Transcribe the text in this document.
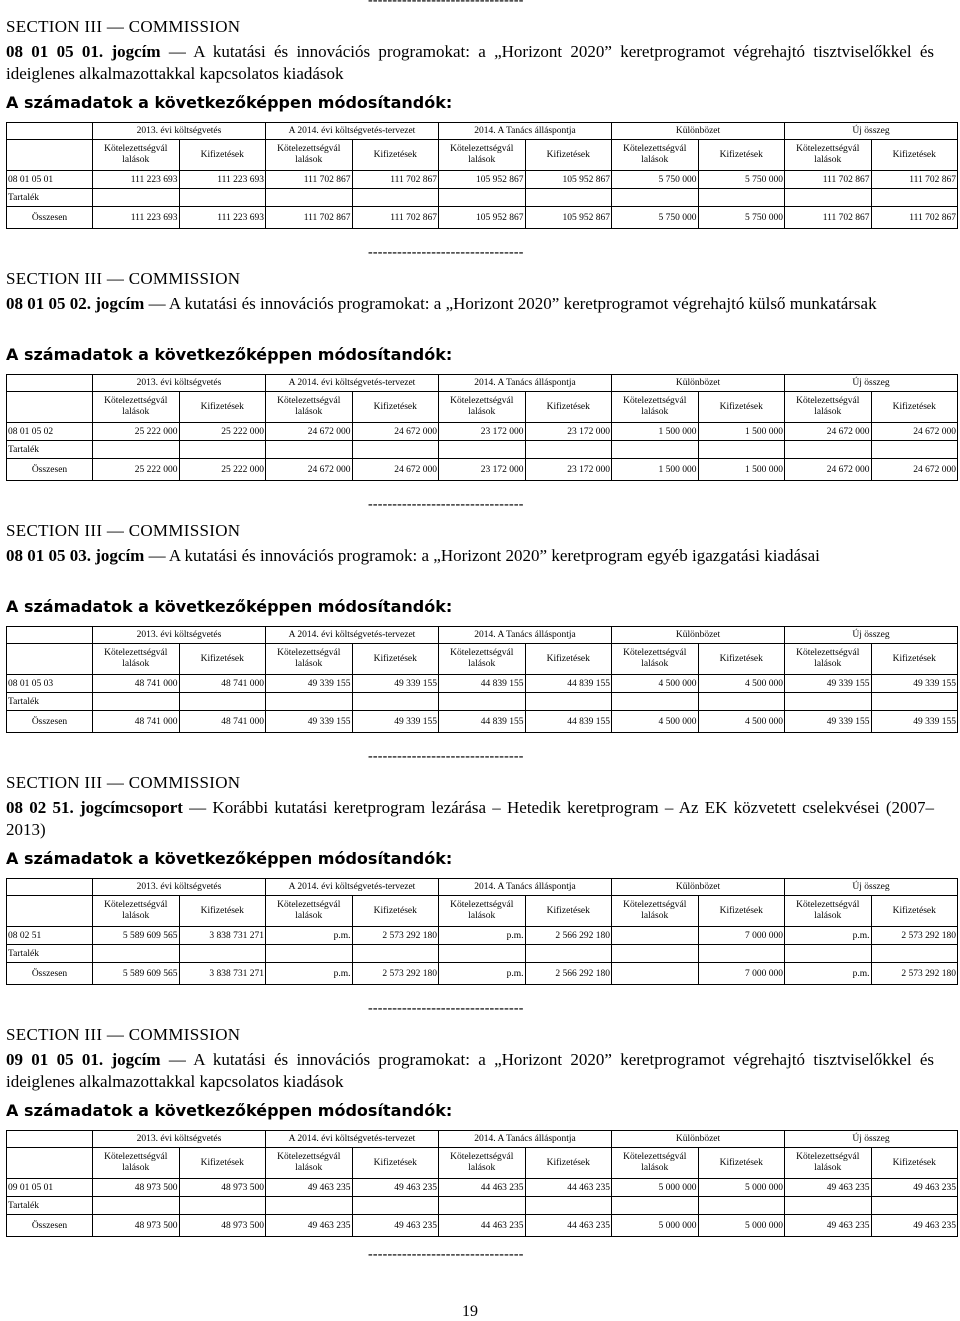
--------------------------------
SECTION III — COMMISSION
08 01 05 01. jogcím — A kutatási és innovációs programokat: a „Horizont 2020” keretprogramot végrehajtó tisztviselőkkel és ideiglenes alkalmazottakkal kapcsolatos kiadások
A számadatok a következőképpen módosítandók:
	2013. évi költségvetés		A 2014. évi költségvetés-tervezet		2014. A Tanács álláspontja		Különbözet		Új összeg	
	Kötelezettségvál lalások	Kifizetések	Kötelezettségvál lalások	Kifizetések	Kötelezettségvál lalások	Kifizetések	Kötelezettségvál lalások	Kifizetések	Kötelezettségvál lalások	Kifizetések
08 01 05 01	111 223 693	111 223 693	111 702 867	111 702 867	105 952 867	105 952 867	5 750 000	5 750 000	111 702 867	111 702 867
Tartalék										
Összesen	111 223 693	111 223 693	111 702 867	111 702 867	105 952 867	105 952 867	5 750 000	5 750 000	111 702 867	111 702 867
--------------------------------
SECTION III — COMMISSION
08 01 05 02. jogcím — A kutatási és innovációs programokat: a „Horizont 2020” keretprogramot végrehajtó külső munkatársak
A számadatok a következőképpen módosítandók:
	2013. évi költségvetés		A 2014. évi költségvetés-tervezet		2014. A Tanács álláspontja		Különbözet		Új összeg	
	Kötelezettségvál lalások	Kifizetések	Kötelezettségvál lalások	Kifizetések	Kötelezettségvál lalások	Kifizetések	Kötelezettségvál lalások	Kifizetések	Kötelezettségvál lalások	Kifizetések
08 01 05 02	25 222 000	25 222 000	24 672 000	24 672 000	23 172 000	23 172 000	1 500 000	1 500 000	24 672 000	24 672 000
Tartalék										
Összesen	25 222 000	25 222 000	24 672 000	24 672 000	23 172 000	23 172 000	1 500 000	1 500 000	24 672 000	24 672 000
--------------------------------
SECTION III — COMMISSION
08 01 05 03. jogcím — A kutatási és innovációs programok: a „Horizont 2020” keretprogram egyéb igazgatási kiadásai
A számadatok a következőképpen módosítandók:
	2013. évi költségvetés		A 2014. évi költségvetés-tervezet		2014. A Tanács álláspontja		Különbözet		Új összeg	
	Kötelezettségvál lalások	Kifizetések	Kötelezettségvál lalások	Kifizetések	Kötelezettségvál lalások	Kifizetések	Kötelezettségvál lalások	Kifizetések	Kötelezettségvál lalások	Kifizetések
08 01 05 03	48 741 000	48 741 000	49 339 155	49 339 155	44 839 155	44 839 155	4 500 000	4 500 000	49 339 155	49 339 155
Tartalék										
Összesen	48 741 000	48 741 000	49 339 155	49 339 155	44 839 155	44 839 155	4 500 000	4 500 000	49 339 155	49 339 155
--------------------------------
SECTION III — COMMISSION
08 02 51. jogcímcsoport — Korábbi kutatási keretprogram lezárása – Hetedik keretprogram – Az EK közvetett cselekvései (2007–2013)
A számadatok a következőképpen módosítandók:
	2013. évi költségvetés		A 2014. évi költségvetés-tervezet		2014. A Tanács álláspontja		Különbözet		Új összeg	
	Kötelezettségvál lalások	Kifizetések	Kötelezettségvál lalások	Kifizetések	Kötelezettségvál lalások	Kifizetések	Kötelezettségvál lalások	Kifizetések	Kötelezettségvál lalások	Kifizetések
08 02 51	5 589 609 565	3 838 731 271	p.m.	2 573 292 180	p.m.	2 566 292 180		7 000 000	p.m.	2 573 292 180
Tartalék										
Összesen	5 589 609 565	3 838 731 271	p.m.	2 573 292 180	p.m.	2 566 292 180		7 000 000	p.m.	2 573 292 180
--------------------------------
SECTION III — COMMISSION
09 01 05 01. jogcím — A kutatási és innovációs programokat: a „Horizont 2020” keretprogramot végrehajtó tisztviselőkkel és ideiglenes alkalmazottakkal kapcsolatos kiadások
A számadatok a következőképpen módosítandók:
	2013. évi költségvetés		A 2014. évi költségvetés-tervezet		2014. A Tanács álláspontja		Különbözet		Új összeg	
	Kötelezettségvál lalások	Kifizetések	Kötelezettségvál lalások	Kifizetések	Kötelezettségvál lalások	Kifizetések	Kötelezettségvál lalások	Kifizetések	Kötelezettségvál lalások	Kifizetések
09 01 05 01	48 973 500	48 973 500	49 463 235	49 463 235	44 463 235	44 463 235	5 000 000	5 000 000	49 463 235	49 463 235
Tartalék										
Összesen	48 973 500	48 973 500	49 463 235	49 463 235	44 463 235	44 463 235	5 000 000	5 000 000	49 463 235	49 463 235
--------------------------------
19
